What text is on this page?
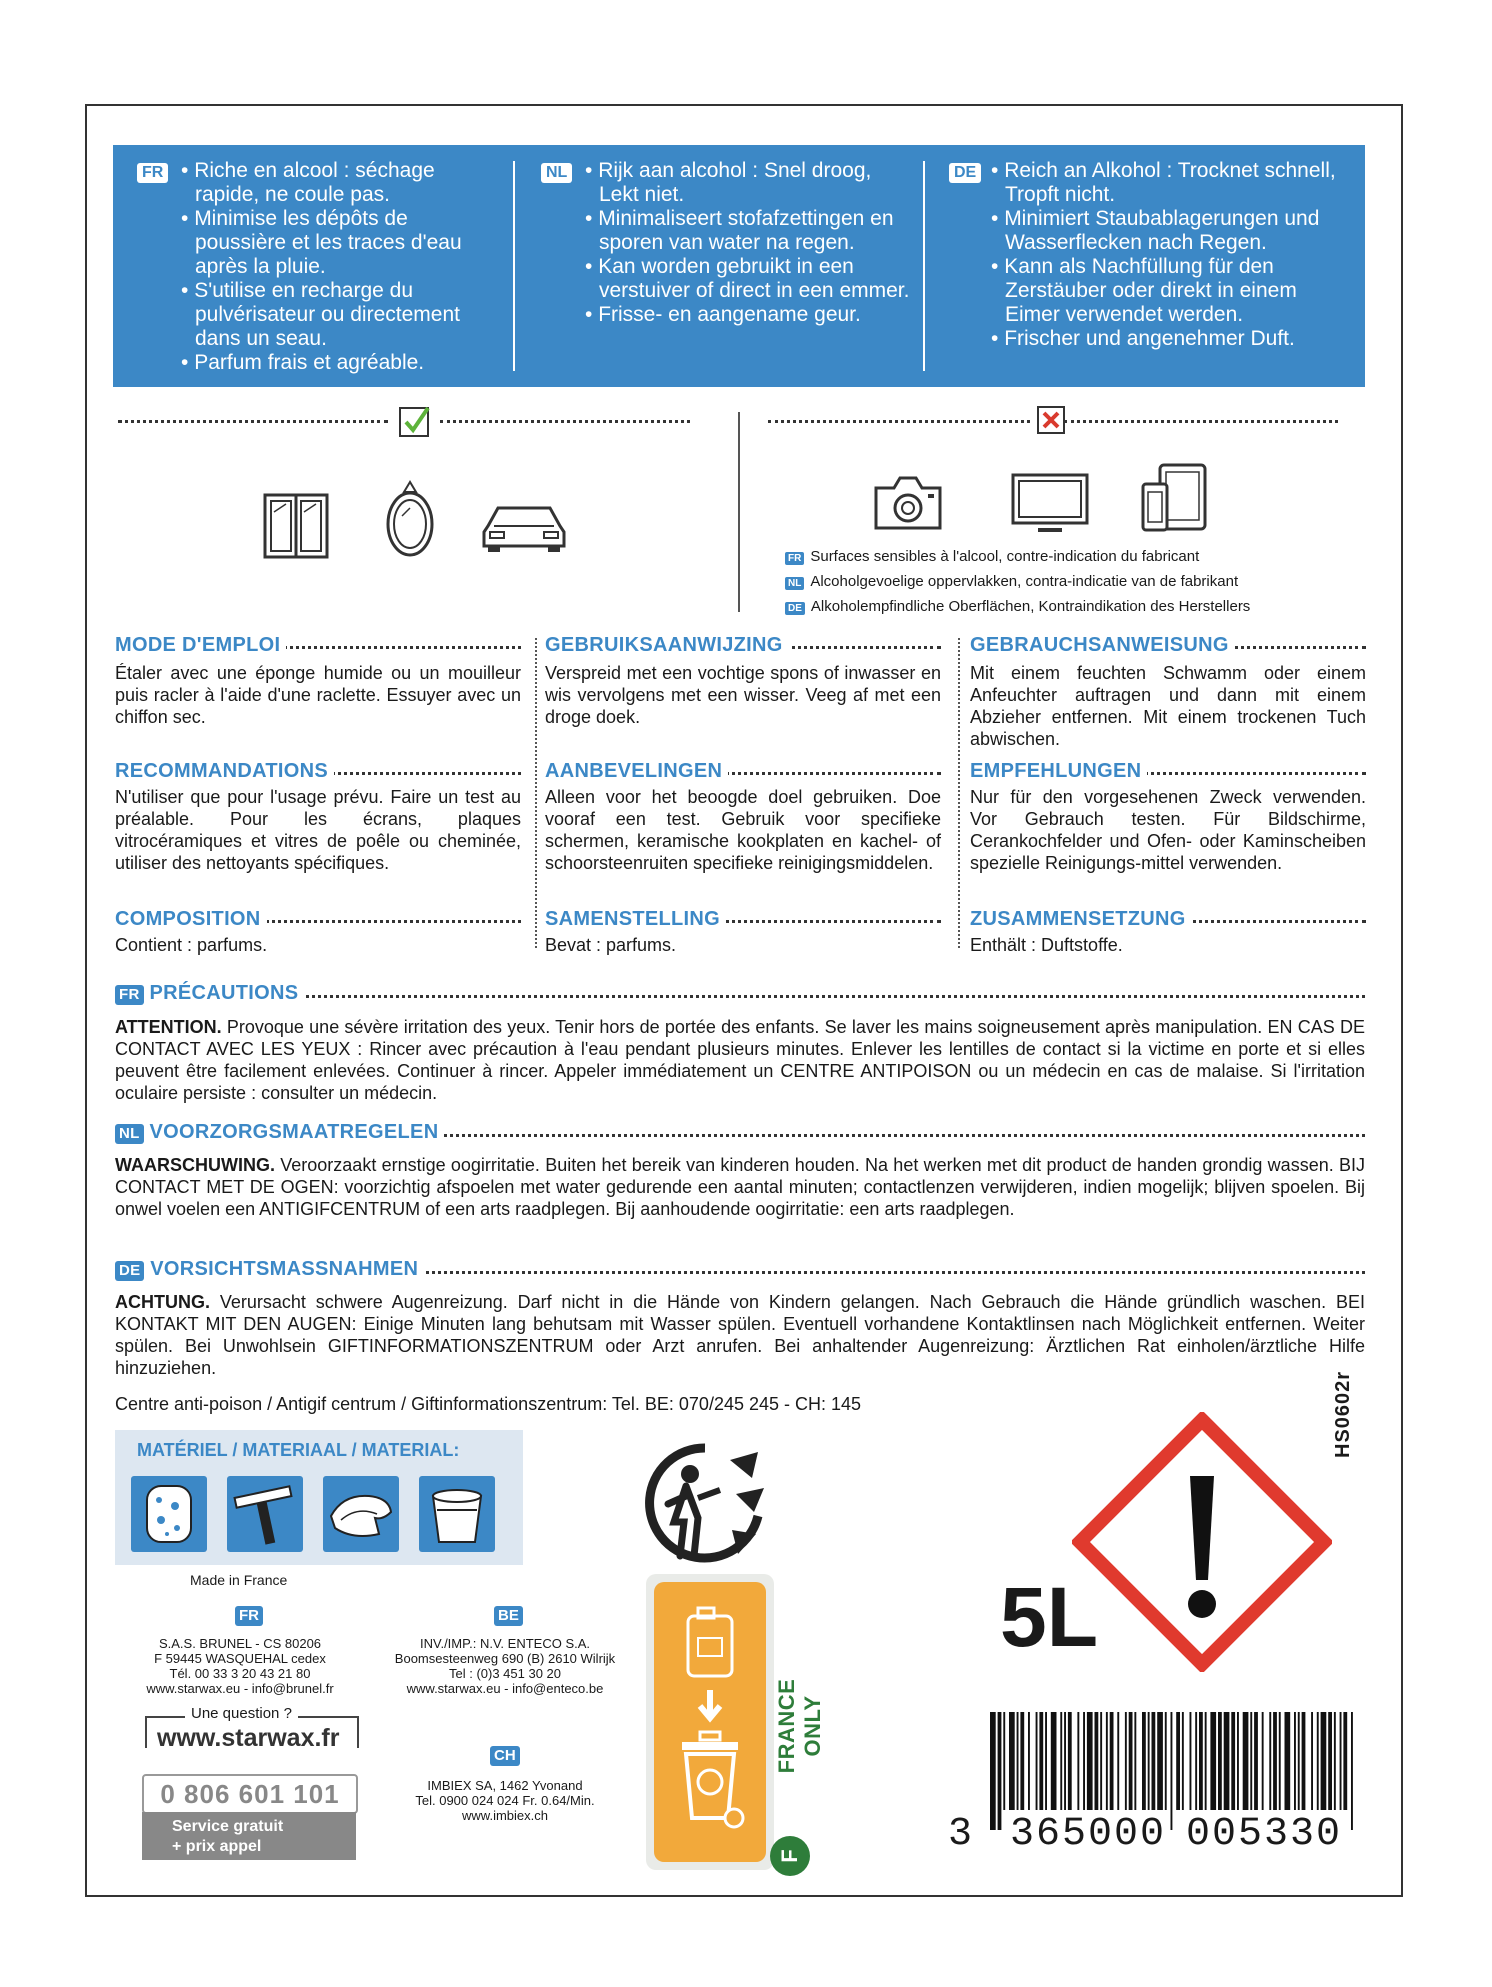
FR	• Riche en alcool : séchage rapide, ne coule pas.
• Minimise les dépôts de poussière et les traces d'eau après la pluie.
• S'utilise en recharge du pulvérisateur ou directement dans un seau.
• Parfum frais et agréable.
NL	• Rijk aan alcohol : Snel droog, Lekt niet.
• Minimaliseert stofafzettingen en sporen van water na regen.
• Kan worden gebruikt in een verstuiver of direct in een emmer.
• Frisse- en aangename geur.
DE	• Reich an Alkohol : Trocknet schnell, Tropft nicht.
• Minimiert Staubablagerungen und Wasserflecken nach Regen.
• Kann als Nachfüllung für den Zerstäuber oder direkt in einem Eimer verwendet werden.
• Frischer und angenehmer Duft.
FR Surfaces sensibles à l'alcool, contre-indication du fabricant
NL Alcoholgevoelige oppervlakken, contra-indicatie van de fabrikant
DE Alkoholempfindliche Oberflächen, Kontraindikation des Herstellers
MODE D'EMPLOI
Étaler avec une éponge humide ou un mouilleur puis racler à l'aide d'une raclette. Essuyer avec un chiffon sec.
GEBRUIKSAANWIJZING
Verspreid met een vochtige spons of inwasser en wis vervolgens met een wisser. Veeg af met een droge doek.
GEBRAUCHSANWEISUNG
Mit einem feuchten Schwamm oder einem Anfeuchter auftragen und dann mit einem Abzieher entfernen. Mit einem trockenen Tuch abwischen.
RECOMMANDATIONS
N'utiliser que pour l'usage prévu. Faire un test au préalable. Pour les écrans, plaques vitrocéramiques et vitres de poêle ou cheminée, utiliser des nettoyants spécifiques.
AANBEVELINGEN
Alleen voor het beoogde doel gebruiken. Doe vooraf een test. Gebruik voor specifieke schermen, keramische kookplaten en kachel- of schoorsteenruiten specifieke reinigingsmiddelen.
EMPFEHLUNGEN
Nur für den vorgesehenen Zweck verwenden. Vor Gebrauch testen. Für Bildschirme, Cerankochfelder und Ofen- oder Kaminscheiben spezielle Reinigungs-mittel verwenden.
COMPOSITION
Contient : parfums.
SAMENSTELLING
Bevat : parfums.
ZUSAMMENSETZUNG
Enthält : Duftstoffe.
FR PRÉCAUTIONS
ATTENTION. Provoque une sévère irritation des yeux. Tenir hors de portée des enfants. Se laver les mains soigneusement après manipulation. EN CAS DE CONTACT AVEC LES YEUX : Rincer avec précaution à l'eau pendant plusieurs minutes. Enlever les lentilles de contact si la victime en porte et si elles peuvent être facilement enlevées. Continuer à rincer. Appeler immédiatement un CENTRE ANTIPOISON ou un médecin en cas de malaise. Si l'irritation oculaire persiste : consulter un médecin.
NL VOORZORGSMAATREGELEN
WAARSCHUWING. Veroorzaakt ernstige oogirritatie. Buiten het bereik van kinderen houden. Na het werken met dit product de handen grondig wassen. BIJ CONTACT MET DE OGEN: voorzichtig afspoelen met water gedurende een aantal minuten; contactlenzen verwijderen, indien mogelijk; blijven spoelen. Bij onwel voelen een ANTIGIFCENTRUM of een arts raadplegen. Bij aanhoudende oogirritatie: een arts raadplegen.
DE VORSICHTSMASSNAHMEN
ACHTUNG. Verursacht schwere Augenreizung. Darf nicht in die Hände von Kindern gelangen. Nach Gebrauch die Hände gründlich waschen. BEI KONTAKT MIT DEN AUGEN: Einige Minuten lang behutsam mit Wasser spülen. Eventuell vorhandene Kontaktlinsen nach Möglichkeit entfernen. Weiter spülen. Bei Unwohlsein GIFTINFORMATIONSZENTRUM oder Arzt anrufen. Bei anhaltender Augenreizung: Ärztlichen Rat einholen/ärztliche Hilfe hinzuziehen.
Centre anti-poison / Antigif centrum / Giftinformationszentrum: Tel. BE: 070/245 245 - CH: 145
MATÉRIEL / MATERIAAL / MATERIAL:
Made in France
FR
S.A.S. BRUNEL - CS 80206
F 59445 WASQUEHAL cedex
Tél. 00 33 3 20 43 21 80
www.starwax.eu - info@brunel.fr
BE
INV./IMP.: N.V. ENTECO S.A.
Boomsesteenweg 690 (B) 2610 Wilrijk
Tel : (0)3 451 30 20
www.starwax.eu - info@enteco.be
CH
IMBIEX SA, 1462 Yvonand
Tel. 0900 024 024 Fr. 0.64/Min.
www.imbiex.ch
Une question ?
www.starwax.fr
0 806 601 101
Service gratuit
+ prix appel
F
FRANCE ONLY
HS0602r
5L
3 365000 005330
